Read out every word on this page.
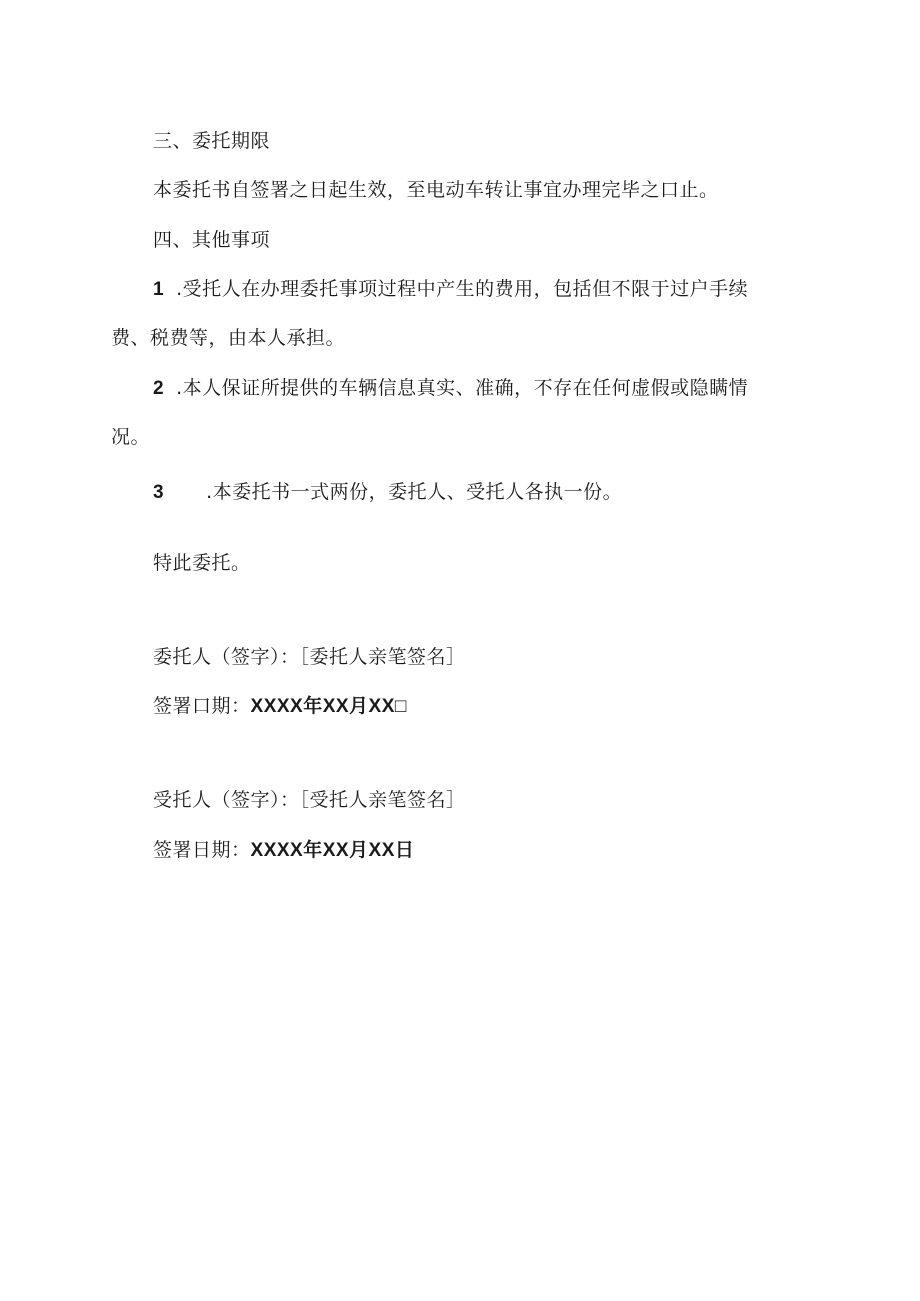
三、委托期限
本委托书自签署之日起生效，至电动车转让事宜办理完毕之口止。
四、其他事项
1 .受托人在办理委托事项过程中产生的费用，包括但不限于过户手续
费、税费等，由本人承担。
2 .本人保证所提供的车辆信息真实、准确，不存在任何虚假或隐瞒情
况。
3 .本委托书一式两份，委托人、受托人各执一份。
特此委托。
委托人（签字）：［委托人亲笔签名］
签署口期：XXXX年XX月XX□
受托人（签字）：［受托人亲笔签名］
签署日期：XXXX年XX月XX日
